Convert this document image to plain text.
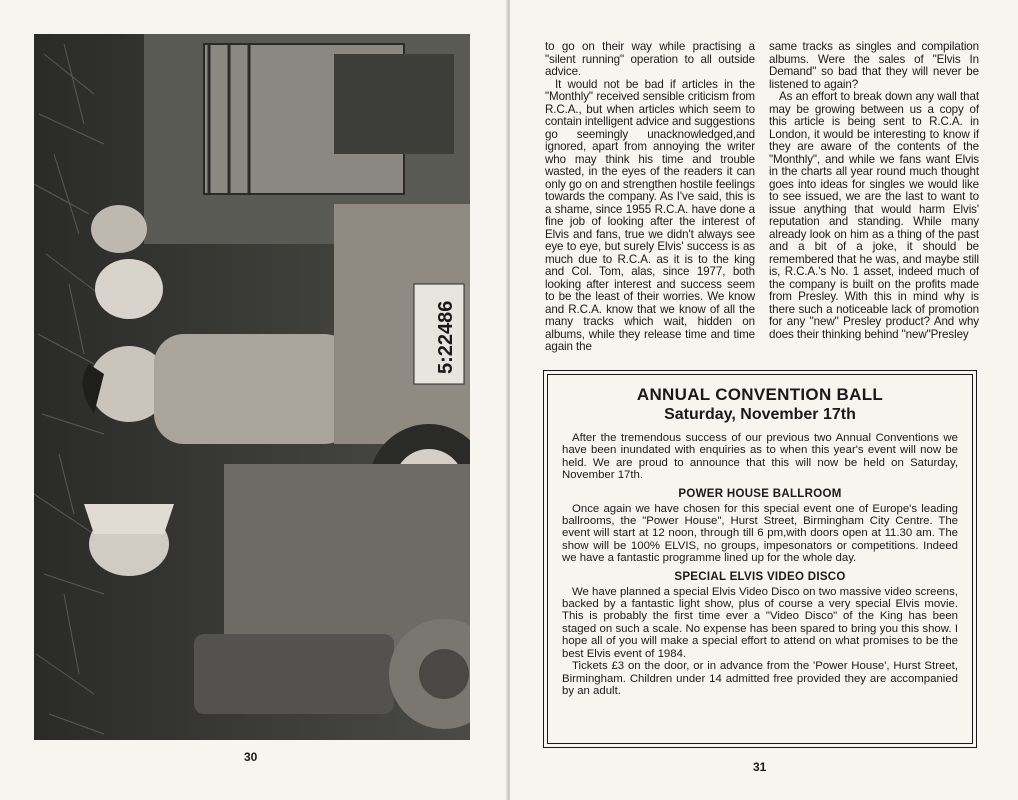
5:22486
30

to go on their way while practising a "silent running" operation to all outside advice.

It would not be bad if articles in the "Monthly" received sensible criticism from R.C.A., but when articles which seem to contain intelligent advice and suggestions go seemingly unacknowledged,and ignored, apart from annoying the writer who may think his time and trouble wasted, in the eyes of the readers it can only go on and strengthen hostile feelings towards the company. As I've said, this is a shame, since 1955 R.C.A. have done a fine job of looking after the interest of Elvis and fans, true we didn't always see eye to eye, but surely Elvis' success is as much due to R.C.A. as it is to the king and Col. Tom, alas, since 1977, both looking after interest and success seem to be the least of their worries. We know and R.C.A. know that we know of all the many tracks which wait, hidden on albums, while they release time and time again the

same tracks as singles and compilation albums. Were the sales of "Elvis In Demand" so bad that they will never be listened to again?

As an effort to break down any wall that may be growing between us a copy of this article is being sent to R.C.A. in London, it would be interesting to know if they are aware of the contents of the "Monthly", and while we fans want Elvis in the charts all year round much thought goes into ideas for singles we would like to see issued, we are the last to want to issue anything that would harm Elvis' reputation and standing. While many already look on him as a thing of the past and a bit of a joke, it should be remembered that he was, and maybe still is, R.C.A.'s No. 1 asset, indeed much of the company is built on the profits made from Presley. With this in mind why is there such a noticeable lack of promotion for any "new" Presley product? And why does their thinking behind "new"Presley

ANNUAL CONVENTION BALL
Saturday, November 17th

After the tremendous success of our previous two Annual Conventions we have been inundated with enquiries as to when this year's event will now be held. We are proud to announce that this will now be held on Saturday, November 17th.

POWER HOUSE BALLROOM

Once again we have chosen for this special event one of Europe's leading ballrooms, the "Power House", Hurst Street, Birmingham City Centre. The event will start at 12 noon, through till 6 pm,with doors open at 11.30 am. The show will be 100% ELVIS, no groups, impesonators or competitions. Indeed we have a fantastic programme lined up for the whole day.

SPECIAL ELVIS VIDEO DISCO

We have planned a special Elvis Video Disco on two massive video screens, backed by a fantastic light show, plus of course a very special Elvis movie. This is probably the first time ever a "Video Disco" of the King has been staged on such a scale. No expense has been spared to bring you this show. I hope all of you will make a special effort to attend on what promises to be the best Elvis event of 1984.

Tickets £3 on the door, or in advance from the 'Power House', Hurst Street, Birmingham. Children under 14 admitted free provided they are accompanied by an adult.

31
